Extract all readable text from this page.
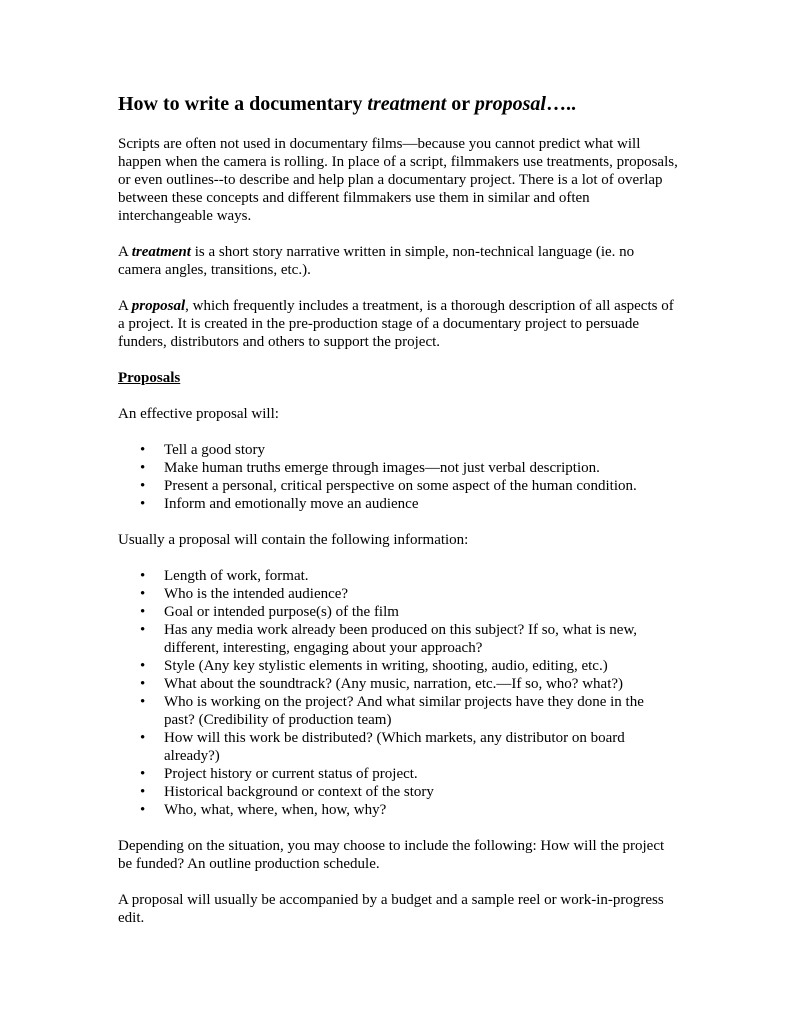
How to write a documentary treatment or proposal…..

Scripts are often not used in documentary films—because you cannot predict what will happen when the camera is rolling. In place of a script, filmmakers use treatments, proposals, or even outlines--to describe and help plan a documentary project. There is a lot of overlap between these concepts and different filmmakers use them in similar and often interchangeable ways.

A treatment is a short story narrative written in simple, non-technical language (ie. no camera angles, transitions, etc.).

A proposal, which frequently includes a treatment, is a thorough description of all aspects of a project. It is created in the pre-production stage of a documentary project to persuade funders, distributors and others to support the project.

Proposals

An effective proposal will:

• Tell a good story
• Make human truths emerge through images—not just verbal description.
• Present a personal, critical perspective on some aspect of the human condition.
• Inform and emotionally move an audience

Usually a proposal will contain the following information:

• Length of work, format.
• Who is the intended audience?
• Goal or intended purpose(s) of the film
• Has any media work already been produced on this subject? If so, what is new, different, interesting, engaging about your approach?
• Style (Any key stylistic elements in writing, shooting, audio, editing, etc.)
• What about the soundtrack? (Any music, narration, etc.—If so, who? what?)
• Who is working on the project? And what similar projects have they done in the past? (Credibility of production team)
• How will this work be distributed? (Which markets, any distributor on board already?)
• Project history or current status of project.
• Historical background or context of the story
• Who, what, where, when, how, why?

Depending on the situation, you may choose to include the following: How will the project be funded? An outline production schedule.

A proposal will usually be accompanied by a budget and a sample reel or work-in-progress edit.
